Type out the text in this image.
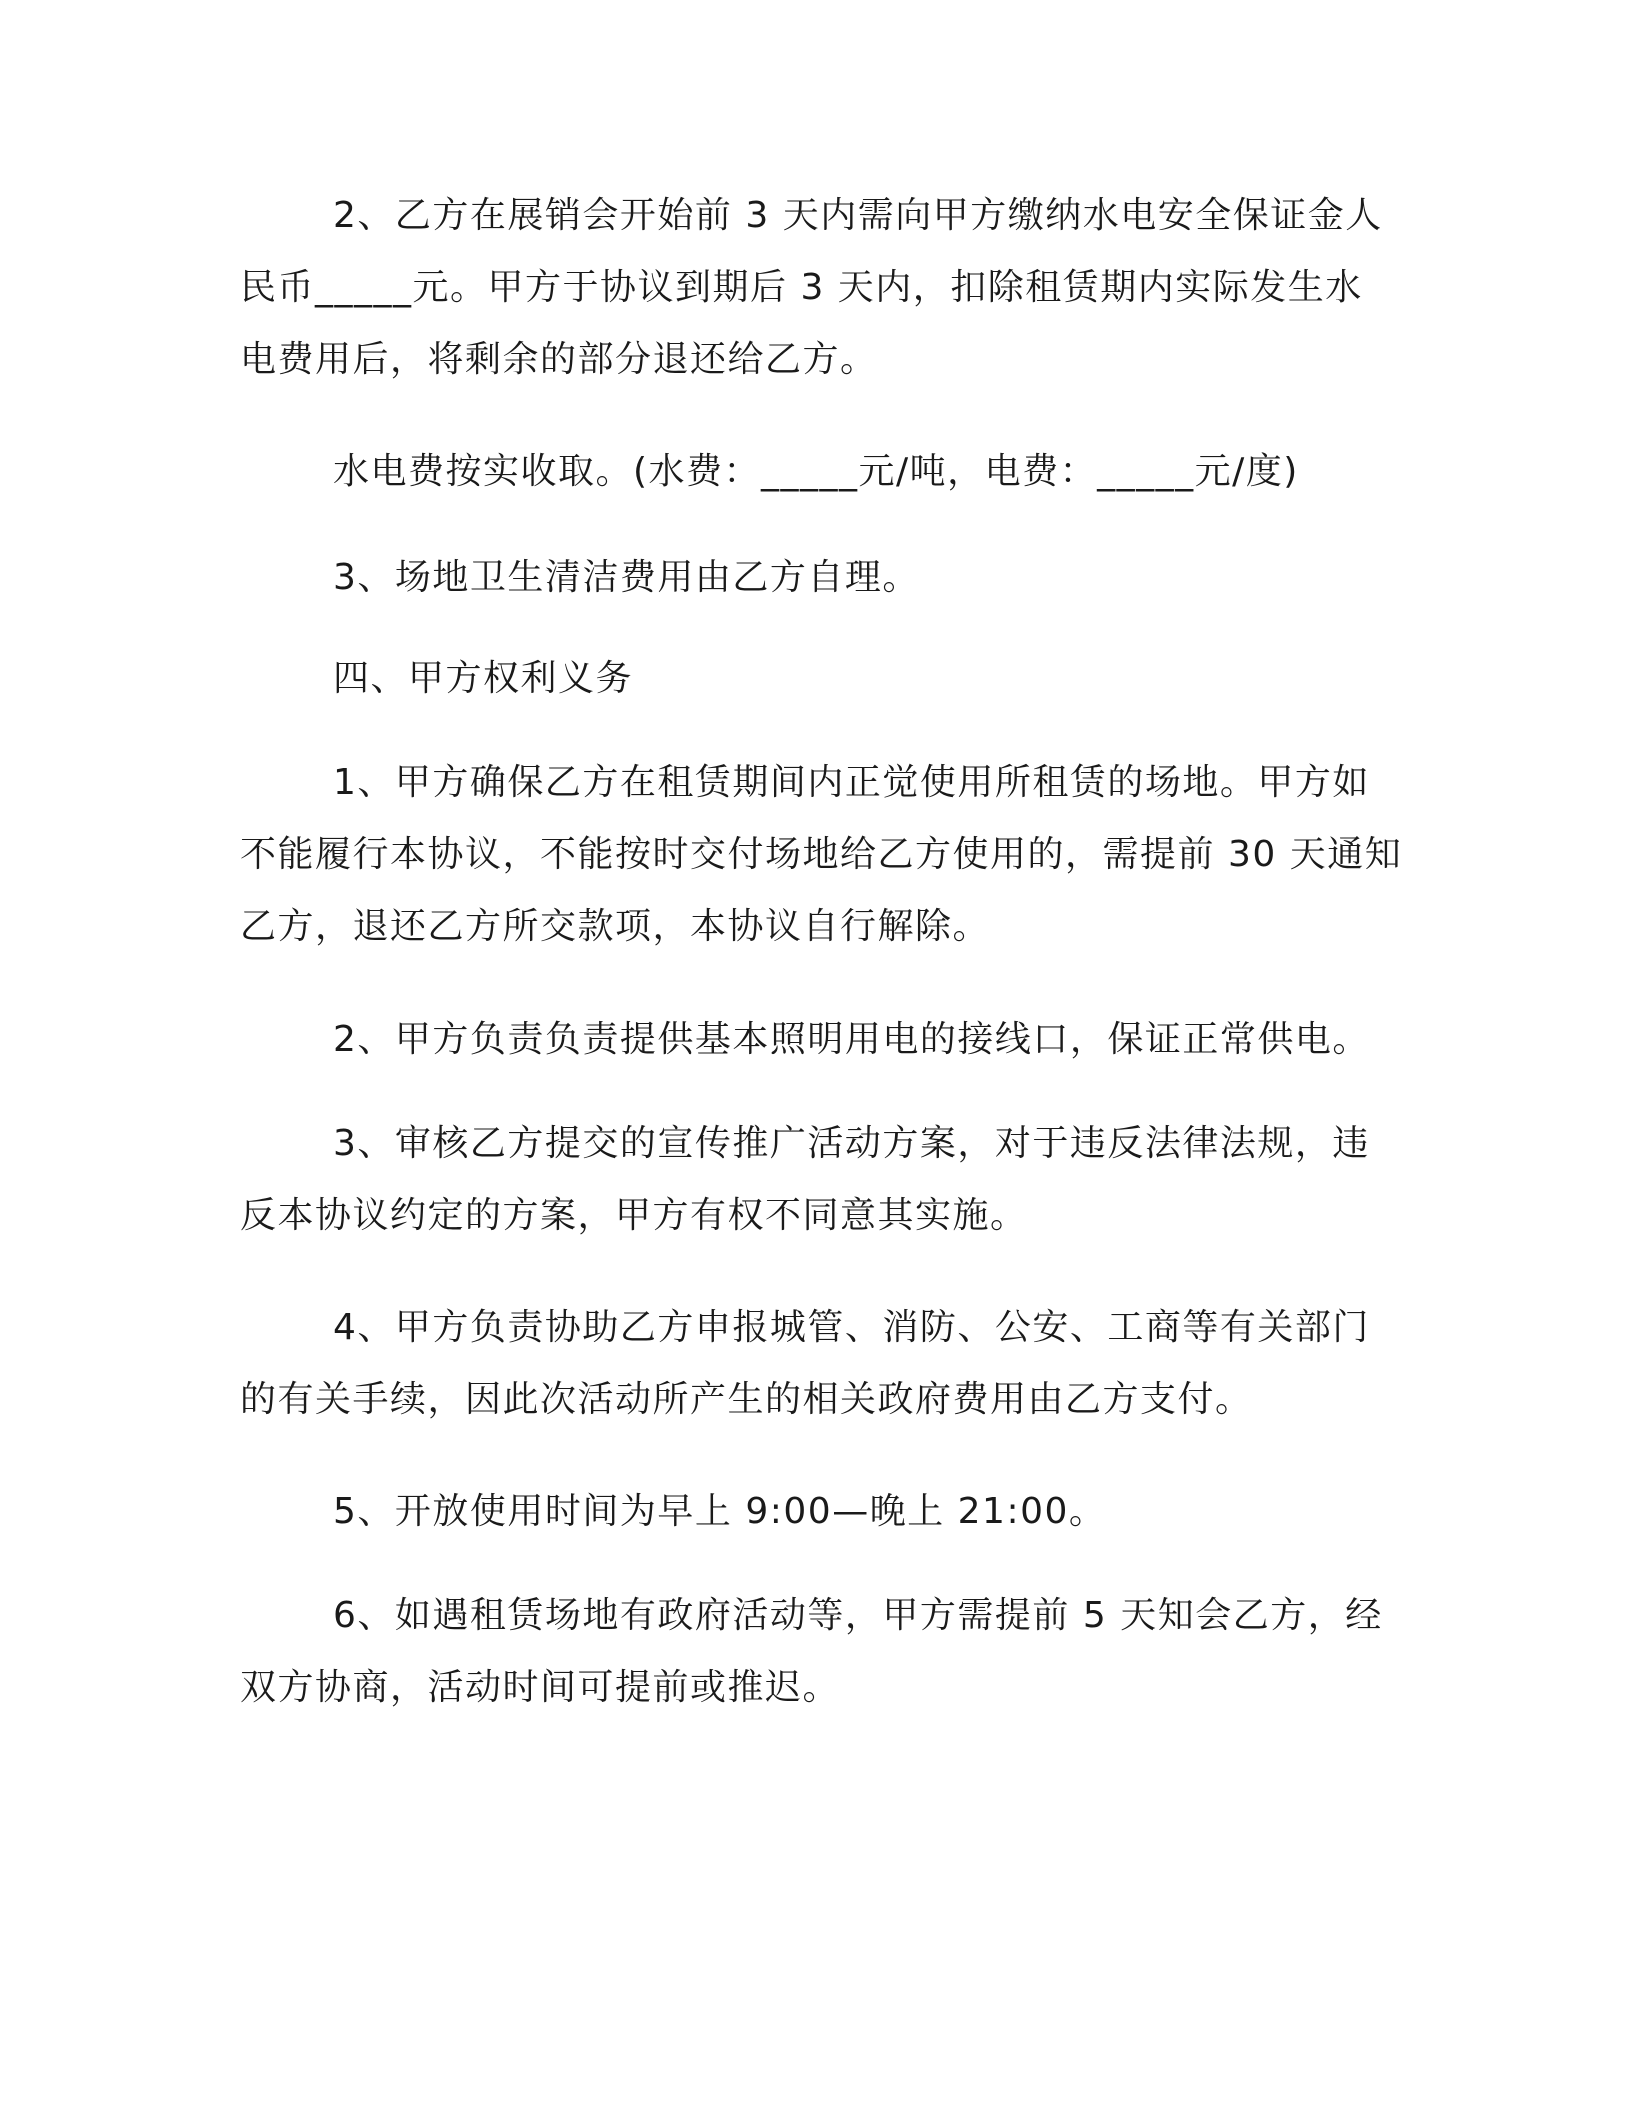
2、乙方在展销会开始前 3 天内需向甲方缴纳水电安全保证金人
民币_____元。甲方于协议到期后 3 天内，扣除租赁期内实际发生水
电费用后，将剩余的部分退还给乙方。
水电费按实收取。(水费：_____元/吨，电费：_____元/度)
3、场地卫生清洁费用由乙方自理。
四、甲方权利义务
1、甲方确保乙方在租赁期间内正觉使用所租赁的场地。甲方如
不能履行本协议，不能按时交付场地给乙方使用的，需提前 30 天通知
乙方，退还乙方所交款项，本协议自行解除。
2、甲方负责负责提供基本照明用电的接线口，保证正常供电。
3、审核乙方提交的宣传推广活动方案，对于违反法律法规，违
反本协议约定的方案，甲方有权不同意其实施。
4、甲方负责协助乙方申报城管、消防、公安、工商等有关部门
的有关手续，因此次活动所产生的相关政府费用由乙方支付。
5、开放使用时间为早上 9:00—晚上 21:00。
6、如遇租赁场地有政府活动等，甲方需提前 5 天知会乙方，经
双方协商，活动时间可提前或推迟。
